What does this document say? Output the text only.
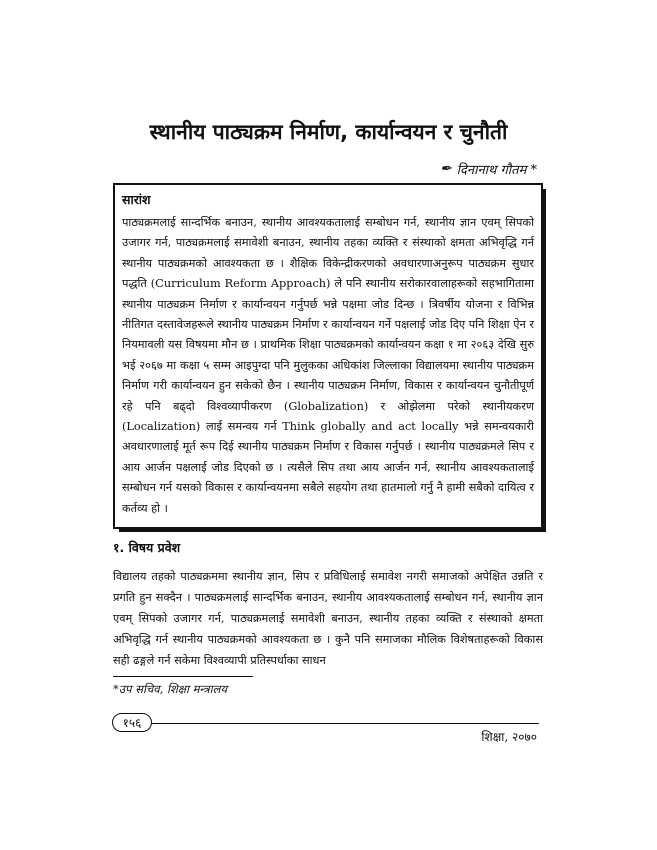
स्थानीय पाठ्यक्रम निर्माण, कार्यान्वयन र चुनौती
✒ दिनानाथ गौतम *

सारांश

पाठ्यक्रमलाई सान्दर्भिक बनाउन, स्थानीय आवश्यकतालाई सम्बोधन गर्न, स्थानीय ज्ञान एवम् सिपको उजागर गर्न, पाठ्यक्रमलाई समावेशी बनाउन, स्थानीय तहका व्यक्ति र संस्थाको क्षमता अभिवृद्धि गर्न स्थानीय पाठ्यक्रमको आवश्यकता छ । शैक्षिक विकेन्द्रीकरणको अवधारणाअनुरूप पाठ्यक्रम सुधार पद्धति (Curriculum Reform Approach) ले पनि स्थानीय सरोकारवालाहरूको सहभागितामा स्थानीय पाठ्यक्रम निर्माण र कार्यान्वयन गर्नुपर्छ भन्ने पक्षमा जोड दिन्छ । त्रिवर्षीय योजना र विभिन्न नीतिगत दस्तावेजहरूले स्थानीय पाठ्यक्रम निर्माण र कार्यान्वयन गर्ने पक्षलाई जोड दिए पनि शिक्षा ऐन र नियमावली यस विषयमा मौन छ । प्राथमिक शिक्षा पाठ्यक्रमको कार्यान्वयन कक्षा १ मा २०६३ देखि सुरु भई २०६७ मा कक्षा ५ सम्म आइपुग्दा पनि मुलुकका अधिकांश जिल्लाका विद्यालयमा स्थानीय पाठ्यक्रम निर्माण गरी कार्यान्वयन हुन सकेको छैन । स्थानीय पाठ्यक्रम निर्माण, विकास र कार्यान्वयन चुनौतीपूर्ण रहे पनि बढ्दो विश्वव्यापीकरण (Globalization) र ओझेलमा परेको स्थानीयकरण (Localization) लाई समन्वय गर्न Think globally and act locally भन्ने समन्वयकारी अवधारणालाई मूर्त रूप दिई स्थानीय पाठ्यक्रम निर्माण र विकास गर्नुपर्छ । स्थानीय पाठ्यक्रमले सिप र आय आर्जन पक्षलाई जोड दिएको छ । त्यसैले सिप तथा आय आर्जन गर्न, स्थानीय आवश्यकतालाई सम्बोधन गर्न यसको विकास र कार्यान्वयनमा सबैले सहयोग तथा हातमालो गर्नु नै हामी सबैको दायित्व र कर्तव्य हो ।

१. विषय प्रवेश

विद्यालय तहको पाठ्यक्रममा स्थानीय ज्ञान, सिप र प्रविधिलाई समावेश नगरी समाजको अपेक्षित उन्नति र प्रगति हुन सक्दैन । पाठ्यक्रमलाई सान्दर्भिक बनाउन, स्थानीय आवश्यकतालाई सम्बोधन गर्न, स्थानीय ज्ञान एवम् सिपको उजागर गर्न, पाठ्यक्रमलाई समावेशी बनाउन, स्थानीय तहका व्यक्ति र संस्थाको क्षमता अभिवृद्धि गर्न स्थानीय पाठ्यक्रमको आवश्यकता छ । कुनै पनि समाजका मौलिक विशेषताहरूको विकास सही ढङ्गले गर्न सकेमा विश्वव्यापी प्रतिस्पर्धाका साधन

*उप सचिव, शिक्षा मन्त्रालय

१५६

शिक्षा, २०७०
